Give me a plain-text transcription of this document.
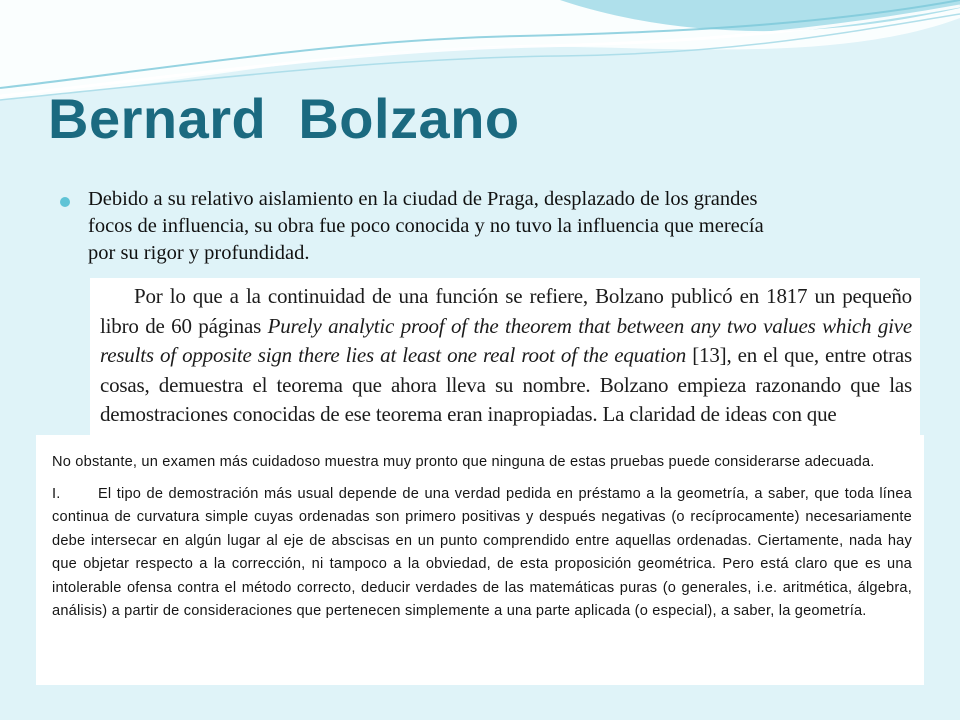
Bernard  Bolzano
Debido a su relativo aislamiento en la ciudad de Praga, desplazado de los grandes focos de influencia, su obra fue poco conocida y no tuvo la influencia que merecía por su rigor y profundidad.

Por lo que a la continuidad de una función se refiere, Bolzano publicó en 1817 un pequeño libro de 60 páginas Purely analytic proof of the theorem that between any two values which give results of opposite sign there lies at least one real root of the equation [13], en el que, entre otras cosas, demuestra el teorema que ahora lleva su nombre. Bolzano empieza razonando que las demostraciones conocidas de ese teorema eran inapropiadas. La claridad de ideas con que

No obstante, un examen más cuidadoso muestra muy pronto que ninguna de estas pruebas puede considerarse adecuada.

I.	El tipo de demostración más usual depende de una verdad pedida en préstamo a la geometría, a saber, que toda línea continua de curvatura simple cuyas ordenadas son primero positivas y después negativas (o recíprocamente) necesariamente debe intersecar en algún lugar al eje de abscisas en un punto comprendido entre aquellas ordenadas. Ciertamente, nada hay que objetar respecto a la corrección, ni tampoco a la obviedad, de esta proposición geométrica. Pero está claro que es una intolerable ofensa contra el método correcto, deducir verdades de las matemáticas puras (o generales, i.e. aritmética, álgebra, análisis) a partir de consideraciones que pertenecen simplemente a una parte aplicada (o especial), a saber, la geometría.
